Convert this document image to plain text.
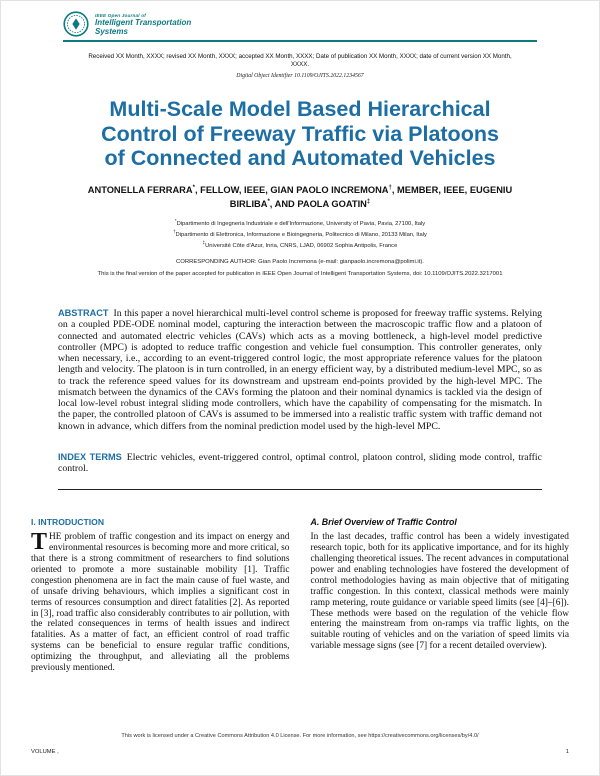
IEEE Open Journal of
Intelligent Transportation
Systems
Received XX Month, XXXX; revised XX Month, XXXX; accepted XX Month, XXXX; Date of publication XX Month, XXXX; date of current version XX Month, XXXX.
Digital Object Identifier 10.1109/OJITS.2022.1234567
Multi-Scale Model Based Hierarchical
Control of Freeway Traffic via Platoons
of Connected and Automated Vehicles
ANTONELLA FERRARA*, FELLOW, IEEE, GIAN PAOLO INCREMONA†, MEMBER, IEEE, EUGENIU BIRLIBA*, AND PAOLA GOATIN‡
*Dipartimento di Ingegneria Industriale e dell'Informazione, University of Pavia, Pavia, 27100, Italy
†Dipartimento di Elettronica, Informazione e Bioingegneria, Politecnico di Milano, 20133 Milan, Italy
‡Université Côte d'Azur, Inria, CNRS, LJAD, 06902 Sophia Antipolis, France
CORRESPONDING AUTHOR: Gian Paolo Incremona (e-mail: gianpaolo.incremona@polimi.it).
This is the final version of the paper accepted for publication in IEEE Open Journal of Intelligent Transportation Systems, doi: 10.1109/OJITS.2022.3217001
ABSTRACT In this paper a novel hierarchical multi-level control scheme is proposed for freeway traffic systems. Relying on a coupled PDE-ODE nominal model, capturing the interaction between the macroscopic traffic flow and a platoon of connected and automated electric vehicles (CAVs) which acts as a moving bottleneck, a high-level model predictive controller (MPC) is adopted to reduce traffic congestion and vehicle fuel consumption. This controller generates, only when necessary, i.e., according to an event-triggered control logic, the most appropriate reference values for the platoon length and velocity. The platoon is in turn controlled, in an energy efficient way, by a distributed medium-level MPC, so as to track the reference speed values for its downstream and upstream end-points provided by the high-level MPC. The mismatch between the dynamics of the CAVs forming the platoon and their nominal dynamics is tackled via the design of local low-level robust integral sliding mode controllers, which have the capability of compensating for the mismatch. In the paper, the controlled platoon of CAVs is assumed to be immersed into a realistic traffic system with traffic demand not known in advance, which differs from the nominal prediction model used by the high-level MPC.
INDEX TERMS Electric vehicles, event-triggered control, optimal control, platoon control, sliding mode control, traffic control.
I. INTRODUCTION

THE problem of traffic congestion and its impact on energy and environmental resources is becoming more and more critical, so that there is a strong commitment of researchers to find solutions oriented to promote a more sustainable mobility [1]. Traffic congestion phenomena are in fact the main cause of fuel waste, and of unsafe driving behaviours, which implies a significant cost in terms of resources consumption and direct fatalities [2]. As reported in [3], road traffic also considerably contributes to air pollution, with the related consequences in terms of health issues and indirect fatalities. As a matter of fact, an efficient control of road traffic systems can be beneficial to ensure regular traffic conditions, optimizing the throughput, and alleviating all the problems previously mentioned.

A. Brief Overview of Traffic Control

In the last decades, traffic control has been a widely investigated research topic, both for its applicative importance, and for its highly challenging theoretical issues. The recent advances in computational power and enabling technologies have fostered the development of control methodologies having as main objective that of mitigating traffic congestion. In this context, classical methods were mainly ramp metering, route guidance or variable speed limits (see [4]–[6]). These methods were based on the regulation of the vehicle flow entering the mainstream from on-ramps via traffic lights, on the suitable routing of vehicles and on the variation of speed limits via variable message signs (see [7] for a recent detailed overview).

This work is licensed under a Creative Commons Attribution 4.0 License. For more information, see https://creativecommons.org/licenses/by/4.0/
VOLUME ,	1
